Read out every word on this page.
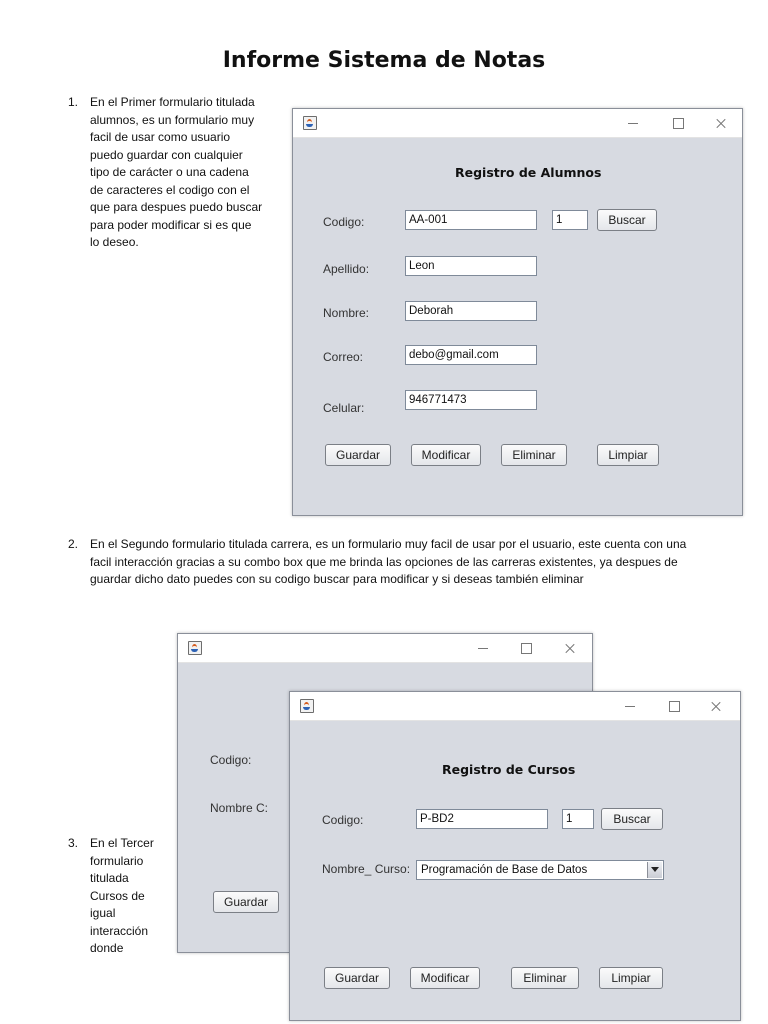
Informe Sistema de Notas
1. En el Primer formulario titulada
alumnos, es un formulario muy
facil de usar como usuario
puedo guardar con cualquier
tipo de carácter o una cadena
de caracteres el codigo con el
que para despues puedo buscar
para poder modificar si es que
lo deseo.
2. En el Segundo formulario titulada carrera, es un formulario muy facil de usar por el usuario, este cuenta con una
facil interacción gracias a su combo box que me brinda las opciones de las carreras existentes, ya despues de
guardar dicho dato puedes con su codigo buscar para modificar y si deseas también eliminar
3. En el Tercer
formulario
titulada
Cursos de
igual
interacción
donde
Registro de Alumnos
Codigo:	AA-001	1	Buscar
Apellido:	Leon
Nombre:	Deborah
Correo:	debo@gmail.com
Celular:
946771473
Guardar	Modificar	Eliminar	Limpiar
Codigo:
Nombre C:
Guardar
Registro de Cursos
Codigo:	P-BD2	1	Buscar
Nombre_ Curso: Programación de Base de Datos
Guardar	Modificar	Eliminar	Limpiar
